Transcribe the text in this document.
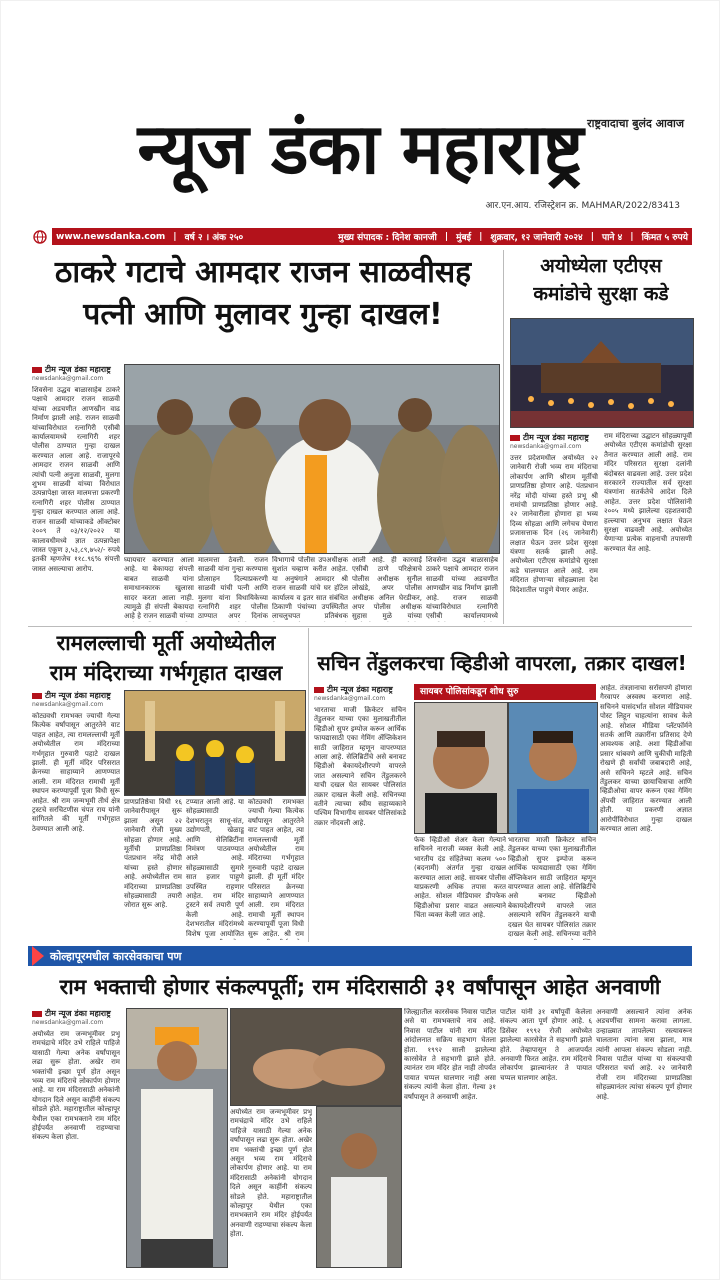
राष्ट्रवादाचा बुलंद आवाज
न्यूज डंका महाराष्ट्र
आर.एन.आय. रजिस्ट्रेशन क्र. MAHMAR/2022/83413
www.newsdanka.com | वर्ष २ । अंक २५०	मुख्य संपादक : दिनेश कानजी | मुंबई | शुक्रवार, १२ जानेवारी २०२४ | पाने ४ | किंमत ५ रुपये
ठाकरे गटाचे आमदार राजन साळवीसह
पत्नी आणि मुलावर गुन्हा दाखल!
टीम न्यूज डंका महाराष्ट्र
newsdanka@gmail.com
शिवसेना उद्धव बाळासाहेब ठाकरे पक्षाचे आमदार राजन साळवी यांच्या अडचणीत आणखीन वाढ निर्माण झाली आहे. राजन साळवी यांच्याविरोधात रत्नागिरी एसीबी कार्यालयामध्ये रत्नागिरी शहर पोलीस ठाण्यात गुन्हा दाखल करण्यात आला आहे. राजापूरचे आमदार राजन साळवी आणि त्यांची पत्नी अनुजा साळवी, मुलगा शुभम साळवी यांच्या विरोधात उत्पन्नापेक्षा जास्त मालमत्ता प्रकरणी रत्नागिरी शहर पोलीस ठाण्यात गुन्हा दाखल करण्यात आला आहे. राजन साळवी यांच्याकडे ऑक्टोबर २००९ ते ०३/१२/२०२२ या कालावधीमध्ये ज्ञात उत्पन्नापेक्षा जास्त एकूण ३,५३,८९,७५२/- रुपये इतकी म्हणजेच ११८.९६% संपत्ती जास्त असल्याचा आरोप.
घ्यायचार करण्यात आला आहे. या बेकायदा संपत्ती बाबत साळवी यांना समाधानकारक खुलासा सादर करता आला नाही. त्यामुळे ही संपत्ती बेकायदा आहे हे राजन साळवी यांच्या
मालमत्ता ठेवली. राजन साळवी यांना गुन्हा करण्यास प्रोत्साहन दिल्याप्रकरणी साळवी यांची पत्नी आणि मुलगा यांना विधायिकेच्या रत्नागिरी शहर पोलीस ठाण्यात अपर दिनांक
विभागाचे पोलीस उपअधीक्षक सुशांत चव्हाण करीत आहेत. या अनुषंगाने आमदार श्री राजन साळवी यांचे घर हॉटेल कार्यालय व इतर सात संबंधित ठिकाणी पंचांच्या उपस्थितीत लाचलुचपत प्रतिबंधक
आली आहे. ही कारवाई एसीबी ठाणे परिक्षेत्राचे पोलीस अधीक्षक सुनील लोखंडे, अपर पोलीस अधीक्षक अनिल घेरडीकर, अपर पोलीस अधीक्षक सुहास मुळे यांच्या
शिवसेना उद्धव बाळासाहेब ठाकरे पक्षाचे आमदार राजन साळवी यांच्या अडचणीत आणखीन वाढ निर्माण झाली आहे. राजन साळवी यांच्याविरोधात रत्नागिरी एसीबी कार्यालयामध्ये
अयोध्येला एटीएस
कमांडोचे सुरक्षा कडे
टीम न्यूज डंका महाराष्ट्र
newsdanka@gmail.com
उत्तर प्रदेशमधील अयोध्येत २२ जानेवारी रोजी भव्य राम मंदिराचा लोकार्पण आणि श्रीराम मूर्तीची प्राणप्रतिष्ठा होणार आहे. पंतप्रधान नरेंद्र मोदी यांच्या हस्ते प्रभू श्री रामांची प्राणप्रतिष्ठा होणार आहे. २२ जानेवारीला होणारा हा भव्य दिव्य सोहळा आणि लगेचच येणारा प्रजासत्ताक दिन (२६ जानेवारी) लक्षात घेऊन उत्तर प्रदेश सुरक्षा यंत्रणा सतर्क झाली आहे. अयोध्येला एटीएस कमांडोचे सुरक्षा कडे घालण्यात आले आहे. राम मंदिरात होणाऱ्या सोहळ्याला देश विदेशातील पाहुणे येणार आहेत.
राम मंदिराच्या उद्घाटन सोहळ्यापूर्वी अयोध्येत एटीएस कमांडोची सुरक्षा तैनात करण्यात आली आहे. राम मंदिर परिसरात सुरक्षा दलांनी बंदोबस्त वाढवला आहे. उत्तर प्रदेश सरकारने राज्यातील सर्व सुरक्षा यंत्रणांना सतर्कतेचे आदेश दिले आहेत. उत्तर प्रदेश पोलिसांनी २००५ मध्ये झालेल्या दहशतवादी हल्ल्याचा अनुभव लक्षात घेऊन सुरक्षा वाढवली आहे. अयोध्येत येणाऱ्या प्रत्येक वाहनाची तपासणी करण्यात येत आहे.
रामलल्लाची मूर्ती अयोध्येतील
राम मंदिराच्या गर्भगृहात दाखल
टीम न्यूज डंका महाराष्ट्र
newsdanka@gmail.com
कोट्यवधी रामभक्त ज्याची गेल्या कित्येक वर्षांपासून आतुरतेने वाट पाहत आहेत, त्या रामलल्लाची मूर्ती अयोध्येतील राम मंदिराच्या गर्भगृहात गुरुवारी पहाटे दाखल झाली. ही मूर्ती मंदिर परिसरात क्रेनच्या साहाय्याने आणण्यात आली. राम मंदिरात रामाची मूर्ती स्थापन करण्यापूर्वी पूजा विधी सुरू आहेत. श्री राम जन्मभूमी तीर्थ क्षेत्र ट्रस्टचे सरचिटणीस चंपत राय यांनी सांगितले की मूर्ती गर्भगृहात ठेवण्यात आली आहे.
प्राणप्रतिष्ठेचा विधी १६ जानेवारीपासून सुरू झाला असून २२ जानेवारी रोजी मुख्य सोहळा होणार आहे. मूर्तीची प्राणप्रतिष्ठा पंतप्रधान नरेंद्र मोदी यांच्या हस्ते होणार आहे. अयोध्येतील राम मंदिराच्या प्राणप्रतिष्ठा सोहळ्यासाठी तयारी जोरात सुरू आहे.
टप्प्यात आली आहे. या सोहळ्यासाठी देशभरातून साधू-संत, उद्योगपती, खेळाडू आणि सेलिब्रिटींना निमंत्रण पाठवण्यात आले आहे. सोहळ्यासाठी सुमारे सात हजार पाहुणे उपस्थित राहणार आहेत. राम मंदिर ट्रस्टने सर्व तयारी पूर्ण केली आहे. देशभरातील मंदिरांमध्ये विशेष पूजा आयोजित
कोट्यवधी रामभक्त ज्याची गेल्या कित्येक वर्षांपासून आतुरतेने वाट पाहत आहेत, त्या रामलल्लाची मूर्ती अयोध्येतील राम मंदिराच्या गर्भगृहात गुरुवारी पहाटे दाखल झाली. ही मूर्ती मंदिर परिसरात क्रेनच्या साहाय्याने आणण्यात आली. राम मंदिरात रामाची मूर्ती स्थापन करण्यापूर्वी पूजा विधी सुरू आहेत. श्री राम
सचिन तेंडुलकरचा व्हिडीओ वापरला, तक्रार दाखल!
टीम न्यूज डंका महाराष्ट्र
newsdanka@gmail.com
भारताचा माजी क्रिकेटर सचिन तेंडुलकर याच्या एका मुलाखतीतील व्हिडीओ सुपर इम्पोज करून आर्थिक फायद्यासाठी एका गेमिंग ॲप्लिकेशन साठी जाहिरात म्हणून वापरण्यात आला आहे. सेलिब्रिटींचे असे बनावट व्हिडीओ बेकायदेशीरपणे वापरले जात असल्याने सचिन तेंडुलकरने याची दखल घेत सायबर पोलिसांत तक्रार दाखल केली आहे. सचिनच्या वतीने त्याच्या स्वीय सहाय्यकाने पश्चिम विभागीय सायबर पोलिसांकडे तक्रार नोंदवली आहे.
सायबर पोलिसांकडून शोध सुरु
फेक व्हिडीओ शेअर केला गेल्याने सचिनने नाराजी व्यक्त केली आहे. भारतीय दंड संहितेच्या कलम ५०० (बदनामी) अंतर्गत गुन्हा दाखल करण्यात आला आहे. सायबर पोलीस याप्रकरणी अधिक तपास करत आहेत. सोशल मीडियावर डीपफेक व्हिडीओचा प्रसार वाढत असल्याने चिंता व्यक्त केली जात आहे.
भारताचा माजी क्रिकेटर सचिन तेंडुलकर याच्या एका मुलाखतीतील व्हिडीओ सुपर इम्पोज करून आर्थिक फायद्यासाठी एका गेमिंग ॲप्लिकेशन साठी जाहिरात म्हणून वापरण्यात आला आहे. सेलिब्रिटींचे असे बनावट व्हिडीओ बेकायदेशीरपणे वापरले जात असल्याने सचिन तेंडुलकरने याची दखल घेत सायबर पोलिसांत तक्रार दाखल केली आहे. सचिनच्या वतीने
आहेत. तंत्रज्ञानाचा सर्रासपणे होणारा गैरवापर अस्वस्थ करणारा आहे. सचिनने यासंदर्भात सोशल मीडियावर पोस्ट लिहून चाहत्यांना सावध केले आहे. सोशल मीडिया प्लॅटफॉर्मने सतर्क आणि तक्रारींना प्रतिसाद देणे आवश्यक आहे. अशा व्हिडीओंचा प्रसार थांबवणे आणि चुकीची माहिती रोखणे ही सर्वांची जबाबदारी आहे, असे सचिनने म्हटले आहे. सचिन तेंडुलकर याच्या छायाचित्राचा आणि व्हिडीओचा वापर करून एका गेमिंग ॲपची जाहिरात करण्यात आली होती. या प्रकरणी अज्ञात आरोपींविरोधात गुन्हा दाखल करण्यात आला आहे.
कोल्हापूरमधील कारसेवकाचा पण
राम भक्ताची होणार संकल्पपूर्ती; राम मंदिरासाठी ३१ वर्षांपासून आहेत अनवाणी
टीम न्यूज डंका महाराष्ट्र
newsdanka@gmail.com
अयोध्येत राम जन्मभूमीवर प्रभू रामचंद्राचे मंदिर उभे राहिले पाहिजे यासाठी गेल्या अनेक वर्षांपासून लढा सुरू होता. अखेर राम भक्तांची इच्छा पूर्ण होत असून भव्य राम मंदिराचे लोकार्पण होणार आहे. या राम मंदिरासाठी अनेकांनी योगदान दिले असून काहींनी संकल्प सोडले होते. महाराष्ट्रातील कोल्हापूर येथील एका रामभक्ताने राम मंदिर होईपर्यंत अनवाणी राहण्याचा संकल्प केला होता.
अयोध्येत राम जन्मभूमीवर प्रभू रामचंद्राचे मंदिर उभे राहिले पाहिजे यासाठी गेल्या अनेक वर्षांपासून लढा सुरू होता. अखेर राम भक्तांची इच्छा पूर्ण होत असून भव्य राम मंदिराचे लोकार्पण होणार आहे. या राम मंदिरासाठी अनेकांनी योगदान दिले असून काहींनी संकल्प सोडले होते. महाराष्ट्रातील कोल्हापूर येथील एका रामभक्ताने राम मंदिर होईपर्यंत अनवाणी राहण्याचा संकल्प केला होता.
जिल्ह्यातील कारसेवक निवास पाटील असे या रामभक्ताचे नाव आहे. निवास पाटील यांनी राम मंदिर आंदोलनात सक्रिय सहभाग घेतला होता. १९९२ साली झालेल्या कारसेवेत ते सहभागी झाले होते. त्यानंतर राम मंदिर होत नाही तोपर्यंत पायात चप्पल घालणार नाही असा संकल्प त्यांनी केला होता. गेल्या ३१ वर्षांपासून ते अनवाणी आहेत.
पाटील यांनी ३१ वर्षांपूर्वी केलेला संकल्प आता पूर्ण होणार आहे. ६ डिसेंबर १९९२ रोजी अयोध्येत झालेल्या कारसेवेत ते सहभागी झाले होते. तेव्हापासून ते आजपर्यंत अनवाणी फिरत आहेत. राम मंदिराचे लोकार्पण झाल्यानंतर ते पायात चप्पल घालणार आहेत.
अनवाणी असल्याने त्यांना अनेक अडचणींचा सामना करावा लागला. उन्हाळ्यात तापलेल्या रस्त्यावरून चालताना त्यांना त्रास झाला, मात्र त्यांनी आपला संकल्प सोडला नाही. निवास पाटील यांच्या या संकल्पाची परिसरात चर्चा आहे. २२ जानेवारी रोजी राम मंदिराच्या प्राणप्रतिष्ठा सोहळ्यानंतर त्यांचा संकल्प पूर्ण होणार आहे.
